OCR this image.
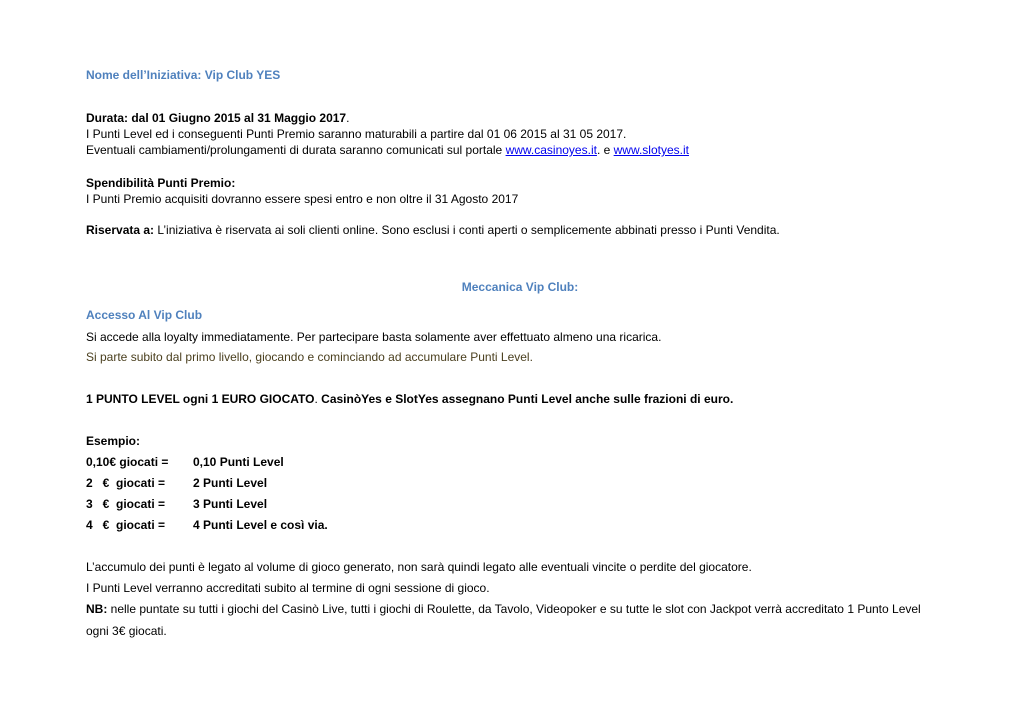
Nome dell’Iniziativa: Vip Club YES
Durata: dal 01 Giugno 2015 al 31 Maggio 2017.
I Punti Level ed i conseguenti Punti Premio saranno maturabili a partire dal 01 06 2015 al 31 05 2017.
Eventuali cambiamenti/prolungamenti di durata saranno comunicati sul portale www.casinoyes.it. e www.slotyes.it
Spendibilità Punti Premio:
I Punti Premio acquisiti dovranno essere spesi entro e non oltre il 31 Agosto 2017
Riservata a: L’iniziativa è riservata ai soli clienti online. Sono esclusi i conti aperti o semplicemente abbinati presso i Punti Vendita.
Meccanica Vip Club:
Accesso Al Vip Club
Si accede alla loyalty immediatamente. Per partecipare basta solamente aver effettuato almeno una ricarica.
Si parte subito dal primo livello, giocando e cominciando ad accumulare Punti Level.
1 PUNTO LEVEL ogni 1 EURO GIOCATO. CasinòYes e SlotYes assegnano Punti Level anche sulle frazioni di euro.
Esempio:
0,10€ giocati = 0,10 Punti Level
2   €  giocati = 2 Punti Level
3   €  giocati = 3 Punti Level
4   €  giocati = 4 Punti Level e così via.
L’accumulo dei punti è legato al volume di gioco generato, non sarà quindi legato alle eventuali vincite o perdite del giocatore.
I Punti Level verranno accreditati subito al termine di ogni sessione di gioco.
NB: nelle puntate su tutti i giochi del Casinò Live, tutti i giochi di Roulette, da Tavolo, Videopoker e su tutte le slot con Jackpot verrà accreditato 1 Punto Level
ogni 3€ giocati.
